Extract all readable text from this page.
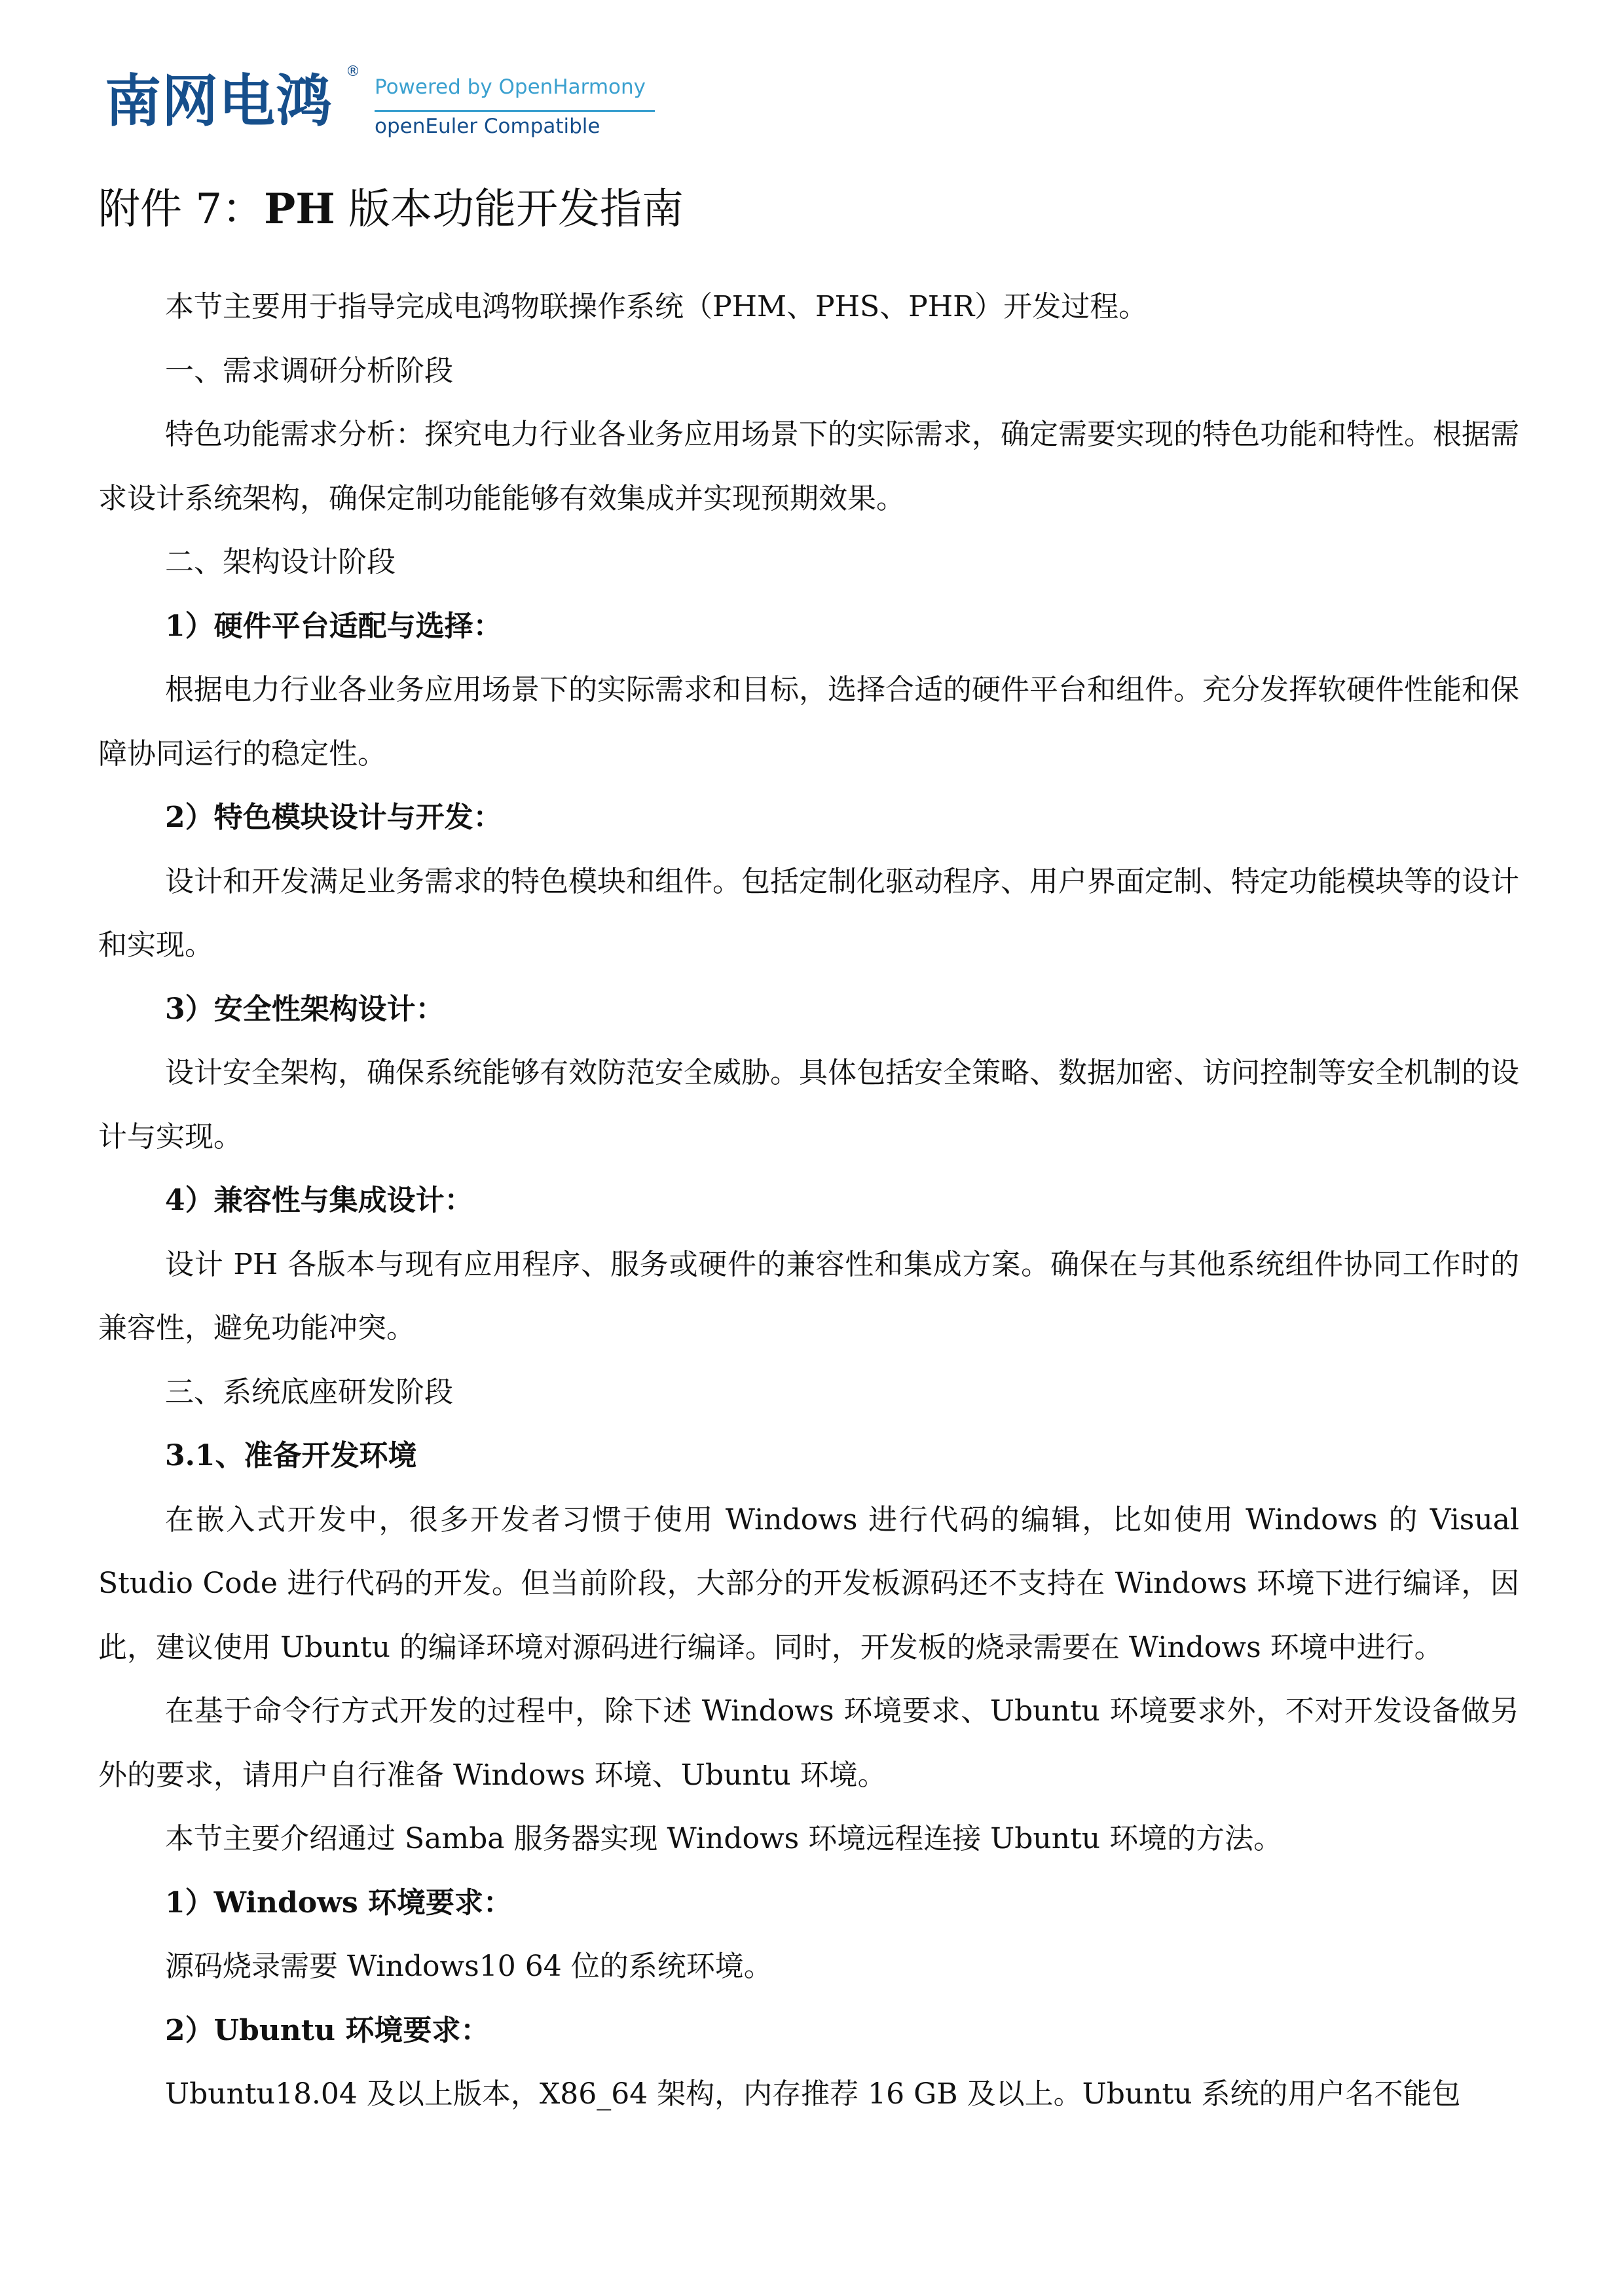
南网电鸿 ®
Powered by OpenHarmony
openEuler Compatible
附件 7：PH 版本功能开发指南

本节主要用于指导完成电鸿物联操作系统（PHM、PHS、PHR）开发过程。

一、需求调研分析阶段

特色功能需求分析：探究电力行业各业务应用场景下的实际需求，确定需要实现的特色功能和特性。根据需求设计系统架构，确保定制功能能够有效集成并实现预期效果。

二、架构设计阶段

1）硬件平台适配与选择：

根据电力行业各业务应用场景下的实际需求和目标，选择合适的硬件平台和组件。充分发挥软硬件性能和保障协同运行的稳定性。

2）特色模块设计与开发：

设计和开发满足业务需求的特色模块和组件。包括定制化驱动程序、用户界面定制、特定功能模块等的设计和实现。

3）安全性架构设计：

设计安全架构，确保系统能够有效防范安全威胁。具体包括安全策略、数据加密、访问控制等安全机制的设计与实现。

4）兼容性与集成设计：

设计 PH 各版本与现有应用程序、服务或硬件的兼容性和集成方案。确保在与其他系统组件协同工作时的兼容性，避免功能冲突。

三、系统底座研发阶段

3.1、准备开发环境

在嵌入式开发中，很多开发者习惯于使用 Windows 进行代码的编辑，比如使用 Windows 的 Visual Studio Code 进行代码的开发。但当前阶段，大部分的开发板源码还不支持在 Windows 环境下进行编译，因此，建议使用 Ubuntu 的编译环境对源码进行编译。同时，开发板的烧录需要在 Windows 环境中进行。

在基于命令行方式开发的过程中，除下述 Windows 环境要求、Ubuntu 环境要求外，不对开发设备做另外的要求，请用户自行准备 Windows 环境、Ubuntu 环境。

本节主要介绍通过 Samba 服务器实现 Windows 环境远程连接 Ubuntu 环境的方法。

1）Windows 环境要求：

源码烧录需要 Windows10 64 位的系统环境。

2）Ubuntu 环境要求：

Ubuntu18.04 及以上版本，X86_64 架构，内存推荐 16 GB 及以上。Ubuntu 系统的用户名不能包
